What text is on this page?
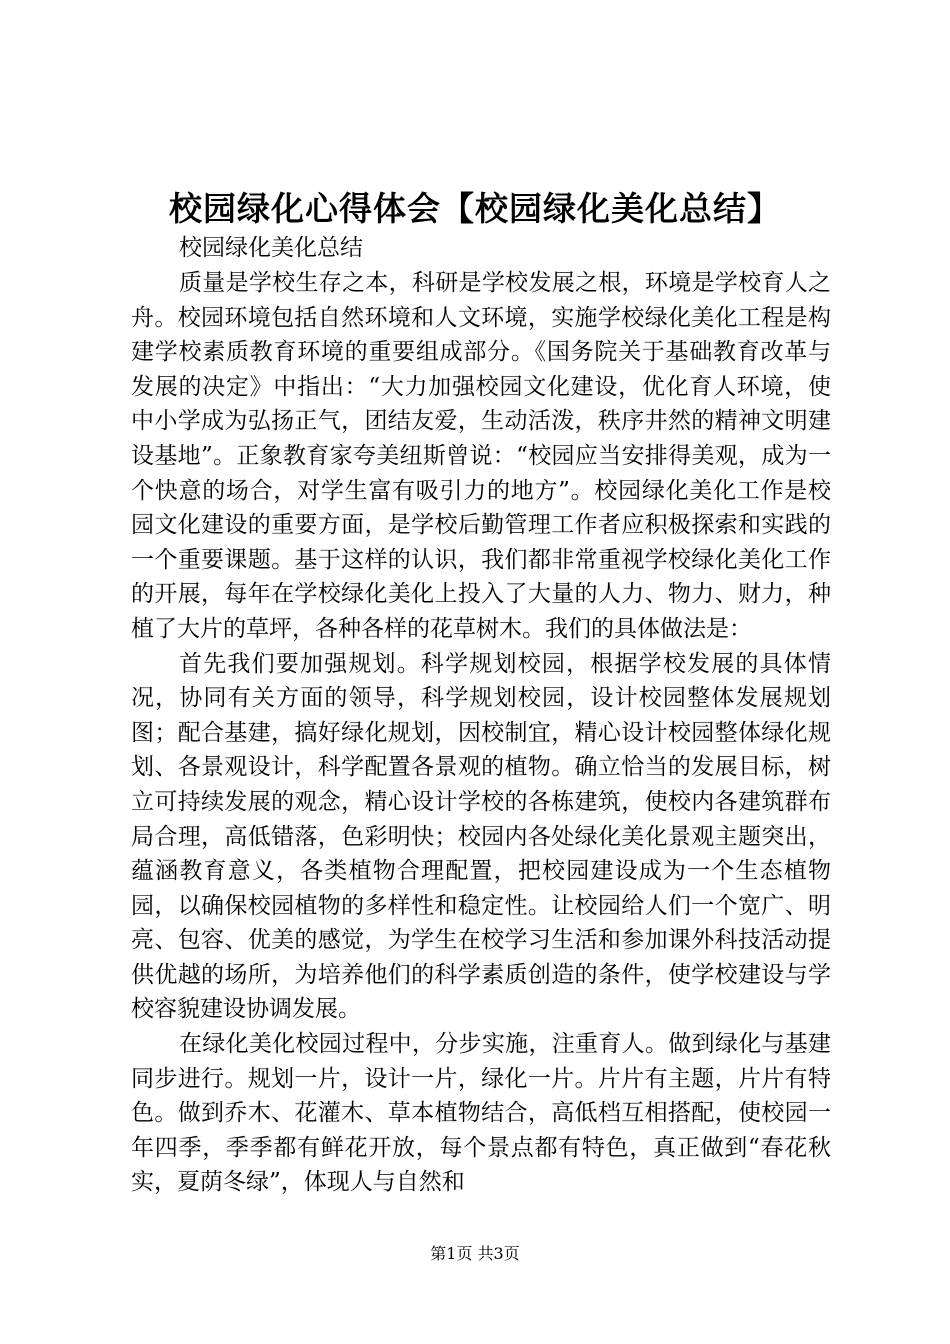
校园绿化心得体会【校园绿化美化总结】

校园绿化美化总结

质量是学校生存之本，科研是学校发展之根，环境是学校育人之舟。校园环境包括自然环境和人文环境，实施学校绿化美化工程是构建学校素质教育环境的重要组成部分。《国务院关于基础教育改革与发展的决定》中指出：“大力加强校园文化建设，优化育人环境，使中小学成为弘扬正气，团结友爱，生动活泼，秩序井然的精神文明建设基地”。正象教育家夸美纽斯曾说：“校园应当安排得美观，成为一个快意的场合，对学生富有吸引力的地方”。校园绿化美化工作是校园文化建设的重要方面，是学校后勤管理工作者应积极探索和实践的一个重要课题。基于这样的认识，我们都非常重视学校绿化美化工作的开展，每年在学校绿化美化上投入了大量的人力、物力、财力，种植了大片的草坪，各种各样的花草树木。我们的具体做法是：

首先我们要加强规划。科学规划校园，根据学校发展的具体情况，协同有关方面的领导，科学规划校园，设计校园整体发展规划图；配合基建，搞好绿化规划，因校制宜，精心设计校园整体绿化规划、各景观设计，科学配置各景观的植物。确立恰当的发展目标，树立可持续发展的观念，精心设计学校的各栋建筑，使校内各建筑群布局合理，高低错落，色彩明快；校园内各处绿化美化景观主题突出，蕴涵教育意义，各类植物合理配置，把校园建设成为一个生态植物园，以确保校园植物的多样性和稳定性。让校园给人们一个宽广、明亮、包容、优美的感觉，为学生在校学习生活和参加课外科技活动提供优越的场所，为培养他们的科学素质创造的条件，使学校建设与学校容貌建设协调发展。

在绿化美化校园过程中，分步实施，注重育人。做到绿化与基建同步进行。规划一片，设计一片，绿化一片。片片有主题，片片有特色。做到乔木、花灌木、草本植物结合，高低档互相搭配，使校园一年四季，季季都有鲜花开放，每个景点都有特色，真正做到“春花秋实，夏荫冬绿”，体现人与自然和

第1页 共3页
